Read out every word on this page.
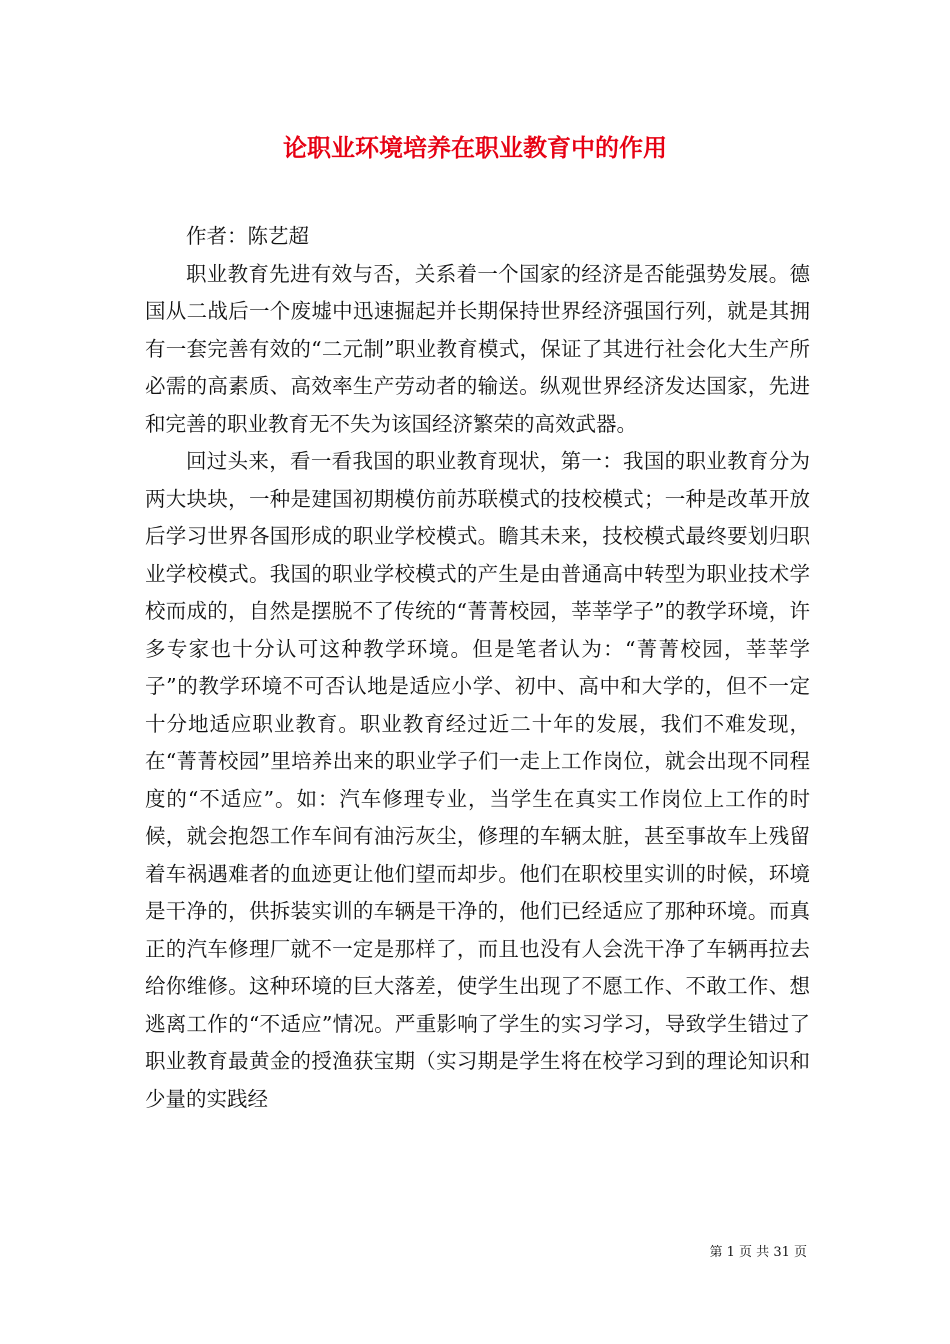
论职业环境培养在职业教育中的作用

作者：陈艺超

职业教育先进有效与否，关系着一个国家的经济是否能强势发展。德国从二战后一个废墟中迅速掘起并长期保持世界经济强国行列，就是其拥有一套完善有效的“二元制”职业教育模式，保证了其进行社会化大生产所必需的高素质、高效率生产劳动者的输送。纵观世界经济发达国家，先进和完善的职业教育无不失为该国经济繁荣的高效武器。

回过头来，看一看我国的职业教育现状，第一：我国的职业教育分为两大块块，一种是建国初期模仿前苏联模式的技校模式；一种是改革开放后学习世界各国形成的职业学校模式。瞻其未来，技校模式最终要划归职业学校模式。我国的职业学校模式的产生是由普通高中转型为职业技术学校而成的，自然是摆脱不了传统的“菁菁校园，莘莘学子”的教学环境，许多专家也十分认可这种教学环境。但是笔者认为：“菁菁校园，莘莘学子”的教学环境不可否认地是适应小学、初中、高中和大学的，但不一定十分地适应职业教育。职业教育经过近二十年的发展，我们不难发现，在“菁菁校园”里培养出来的职业学子们一走上工作岗位，就会出现不同程度的“不适应”。如：汽车修理专业，当学生在真实工作岗位上工作的时候，就会抱怨工作车间有油污灰尘，修理的车辆太脏，甚至事故车上残留着车祸遇难者的血迹更让他们望而却步。他们在职校里实训的时候，环境是干净的，供拆装实训的车辆是干净的，他们已经适应了那种环境。而真正的汽车修理厂就不一定是那样了，而且也没有人会洗干净了车辆再拉去给你维修。这种环境的巨大落差，使学生出现了不愿工作、不敢工作、想逃离工作的“不适应”情况。严重影响了学生的实习学习，导致学生错过了职业教育最黄金的授渔获宝期（实习期是学生将在校学习到的理论知识和少量的实践经

第 1 页 共 31 页
